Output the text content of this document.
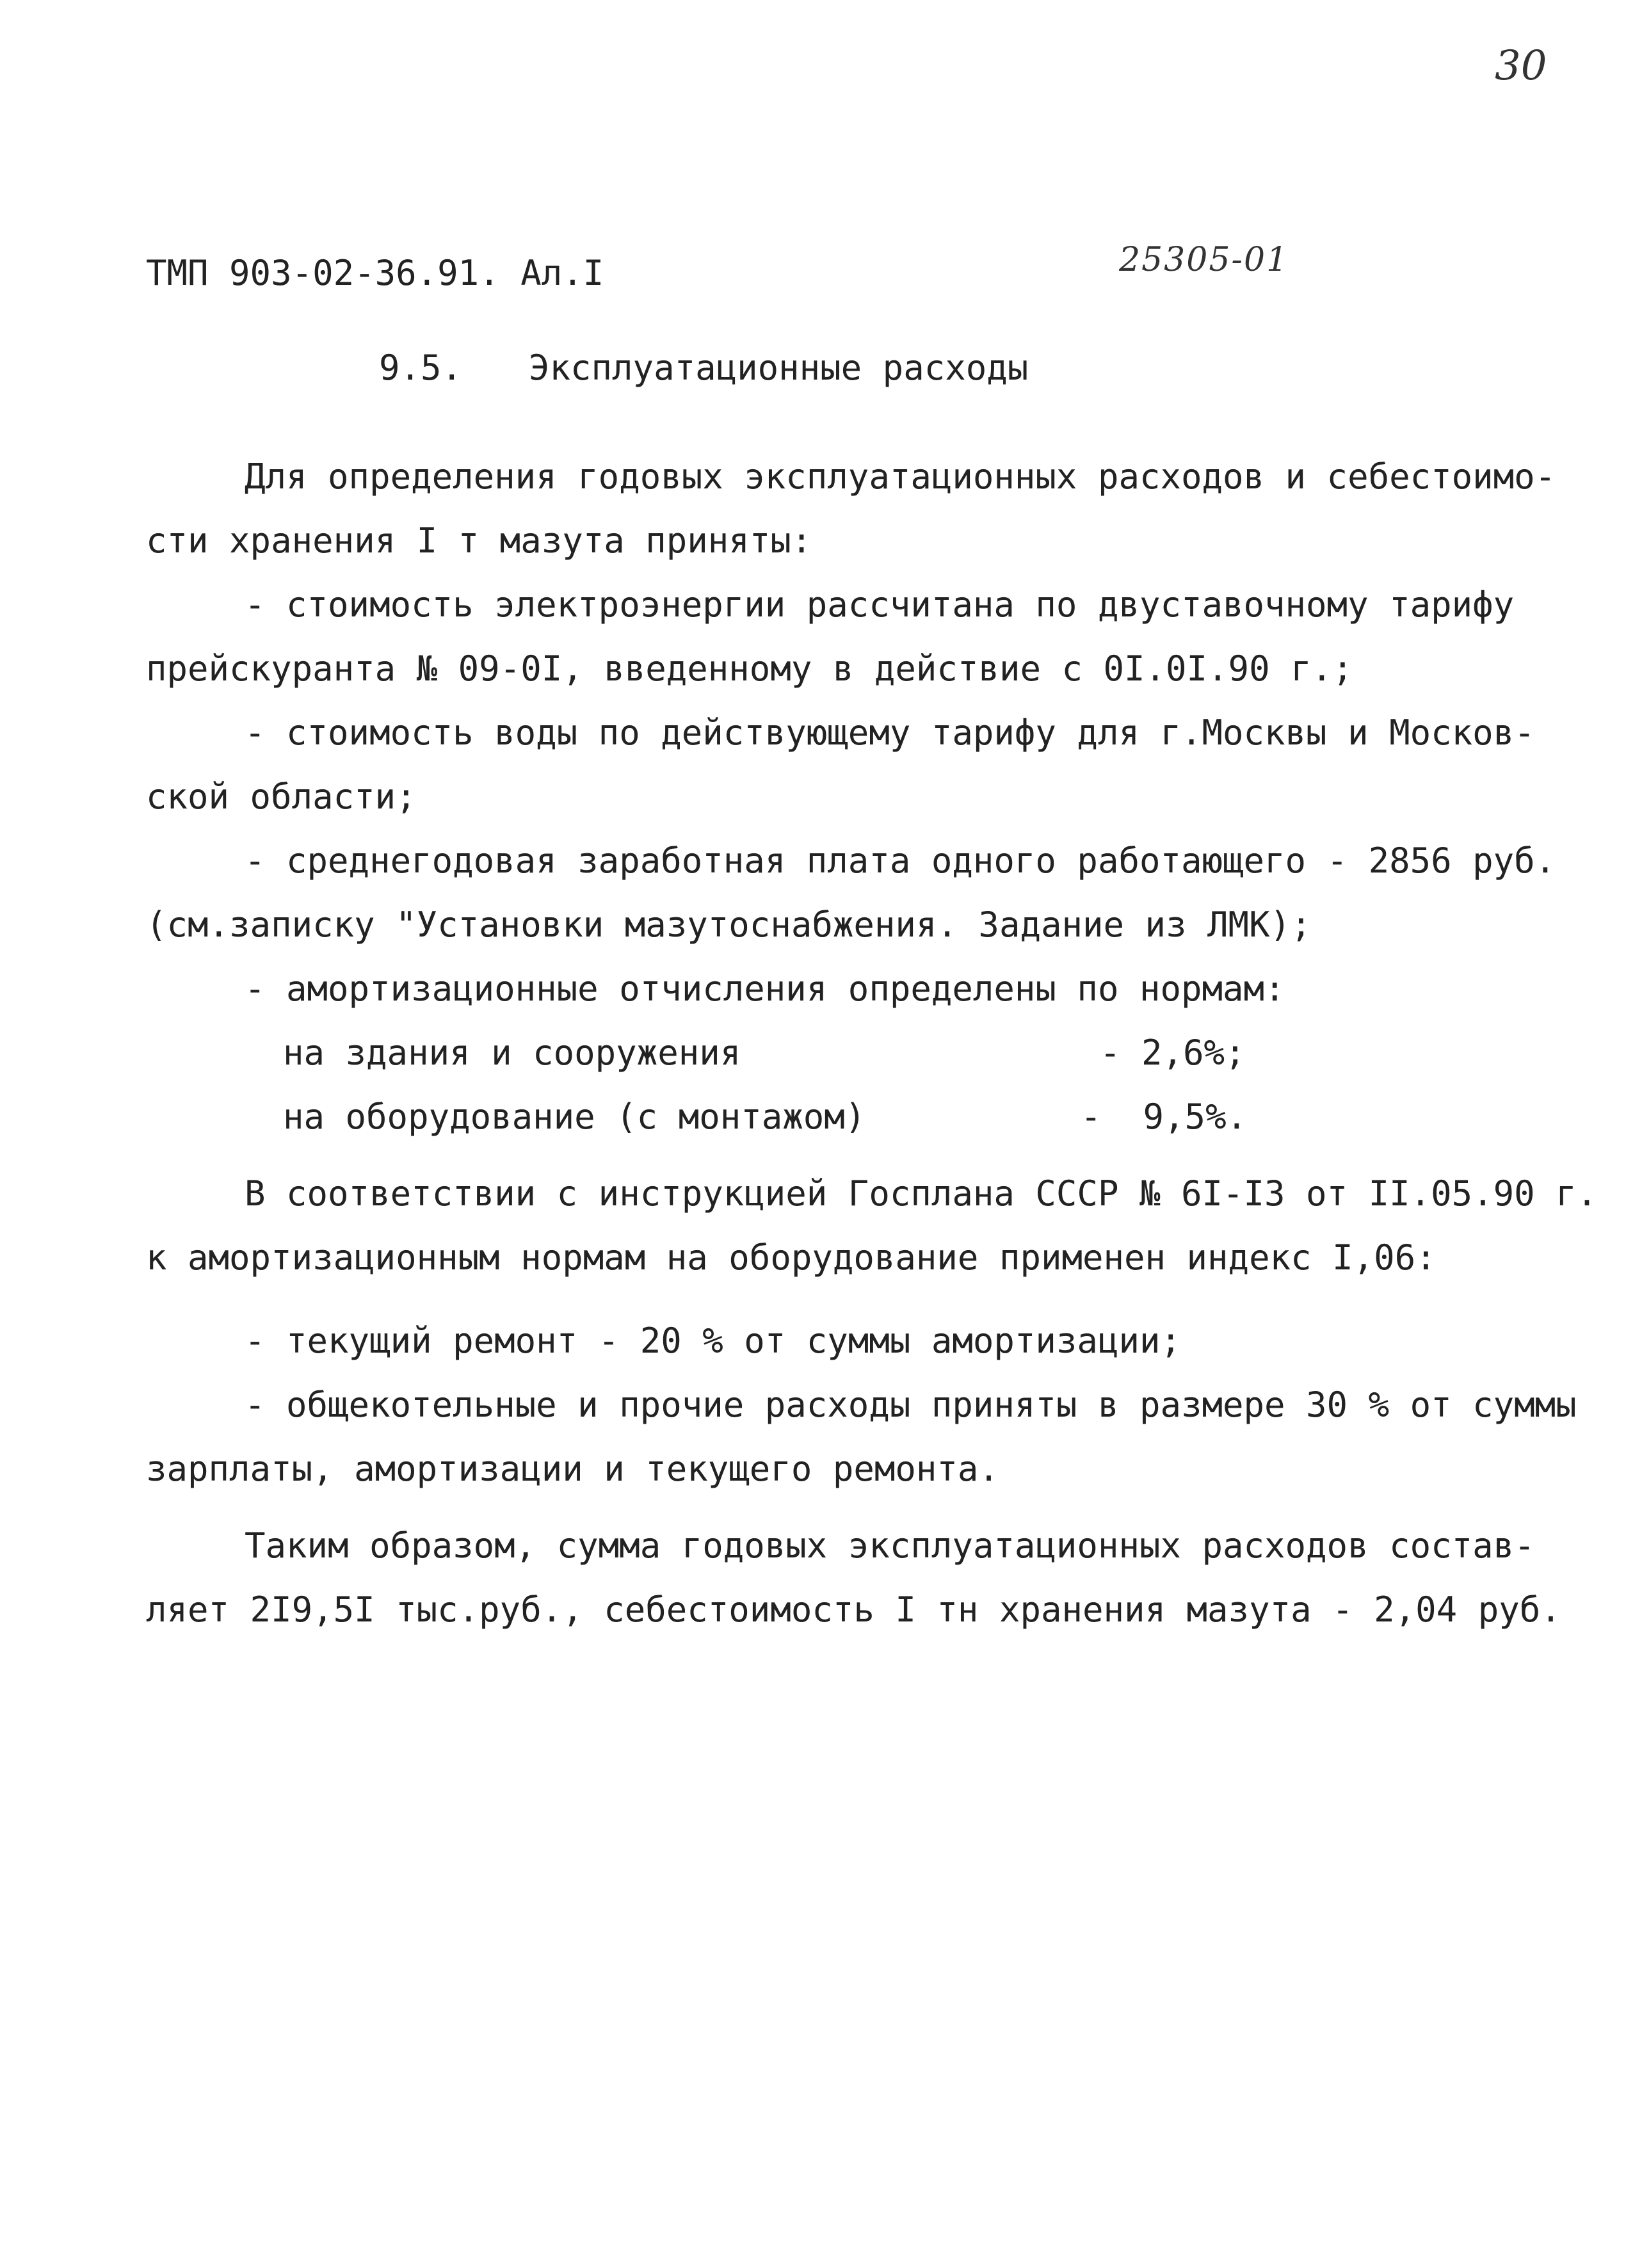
30
25305-01
ТМП 903-02-36.91. Ал.I
9.5. Эксплуатационные расходы
Для определения годовых эксплуатационных расходов и себестоимо-
сти хранения I т мазута приняты:
- стоимость электроэнергии рассчитана по двуставочному тарифу
прейскуранта № 09-0I, введенному в действие с 0I.0I.90 г.;
- стоимость воды по действующему тарифу для г.Москвы и Москов-
ской области;
- среднегодовая заработная плата одного работающего - 2856 руб.
(см.записку "Установки мазутоснабжения. Задание из ЛМК);
- амортизационные отчисления определены по нормам:
на здания и сооружения	- 2,6%;
на оборудование (с монтажом)	-  9,5%.
В соответствии с инструкцией Госплана СССР № 6I-I3 от II.05.90 г.
к амортизационным нормам на оборудование применен индекс I,06:
- текущий ремонт - 20 % от суммы амортизации;
- общекотельные и прочие расходы приняты в размере 30 % от суммы
зарплаты, амортизации и текущего ремонта.
Таким образом, сумма годовых эксплуатационных расходов состав-
ляет 2I9,5I тыс.руб., себестоимость I тн хранения мазута - 2,04 руб.
